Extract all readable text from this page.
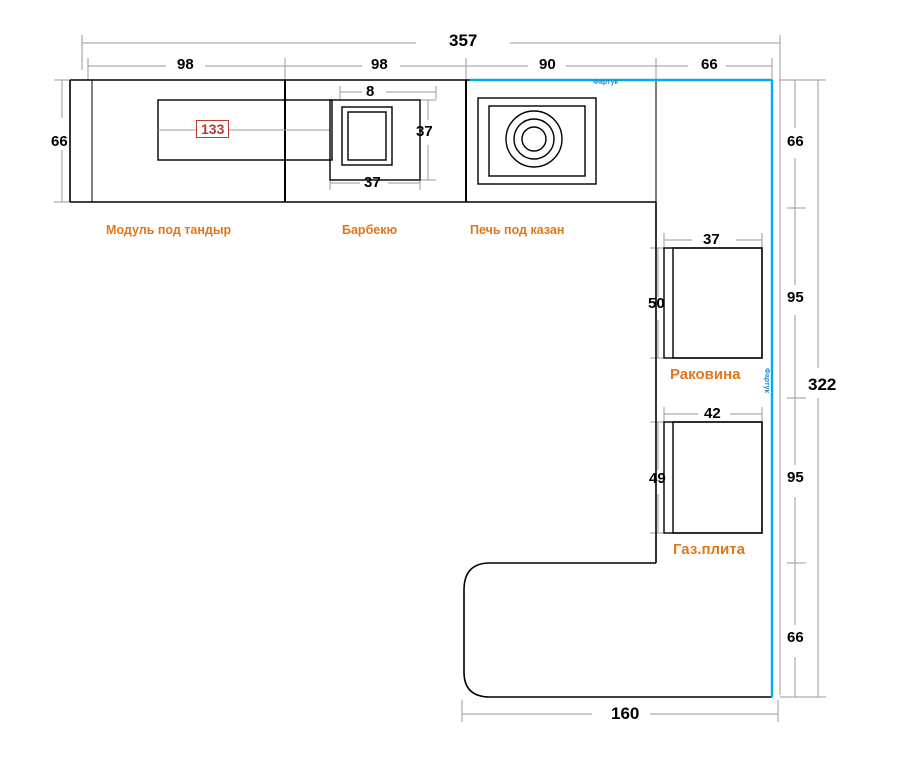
357
98	98	90	66
66	66
95
95
66
322
160
8
37
37
133
37
50
42
49
Модуль под тандыр	Барбекю	Печь под казан
Раковина
Газ.плита
Фартук
Фартук
